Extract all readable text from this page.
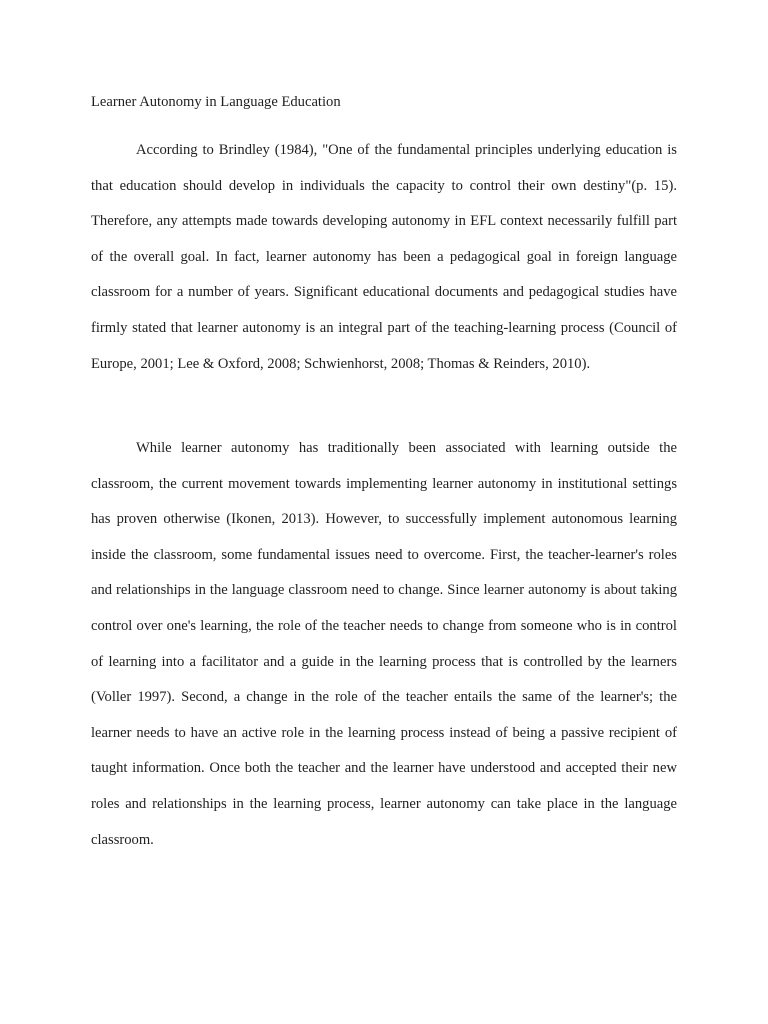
Learner Autonomy in Language Education

According to Brindley (1984), "One of the fundamental principles underlying education is that education should develop in individuals the capacity to control their own destiny"(p. 15). Therefore, any attempts made towards developing autonomy in EFL context necessarily fulfill part of the overall goal. In fact, learner autonomy has been a pedagogical goal in foreign language classroom for a number of years. Significant educational documents and pedagogical studies have firmly stated that learner autonomy is an integral part of the teaching-learning process (Council of Europe, 2001; Lee & Oxford, 2008; Schwienhorst, 2008; Thomas & Reinders, 2010).

While learner autonomy has traditionally been associated with learning outside the classroom, the current movement towards implementing learner autonomy in institutional settings has proven otherwise (Ikonen, 2013). However, to successfully implement autonomous learning inside the classroom, some fundamental issues need to overcome. First, the teacher-learner's roles and relationships in the language classroom need to change. Since learner autonomy is about taking control over one's learning, the role of the teacher needs to change from someone who is in control of learning into a facilitator and a guide in the learning process that is controlled by the learners (Voller 1997). Second, a change in the role of the teacher entails the same of the learner's; the learner needs to have an active role in the learning process instead of being a passive recipient of taught information. Once both the teacher and the learner have understood and accepted their new roles and relationships in the learning process, learner autonomy can take place in the language classroom.
